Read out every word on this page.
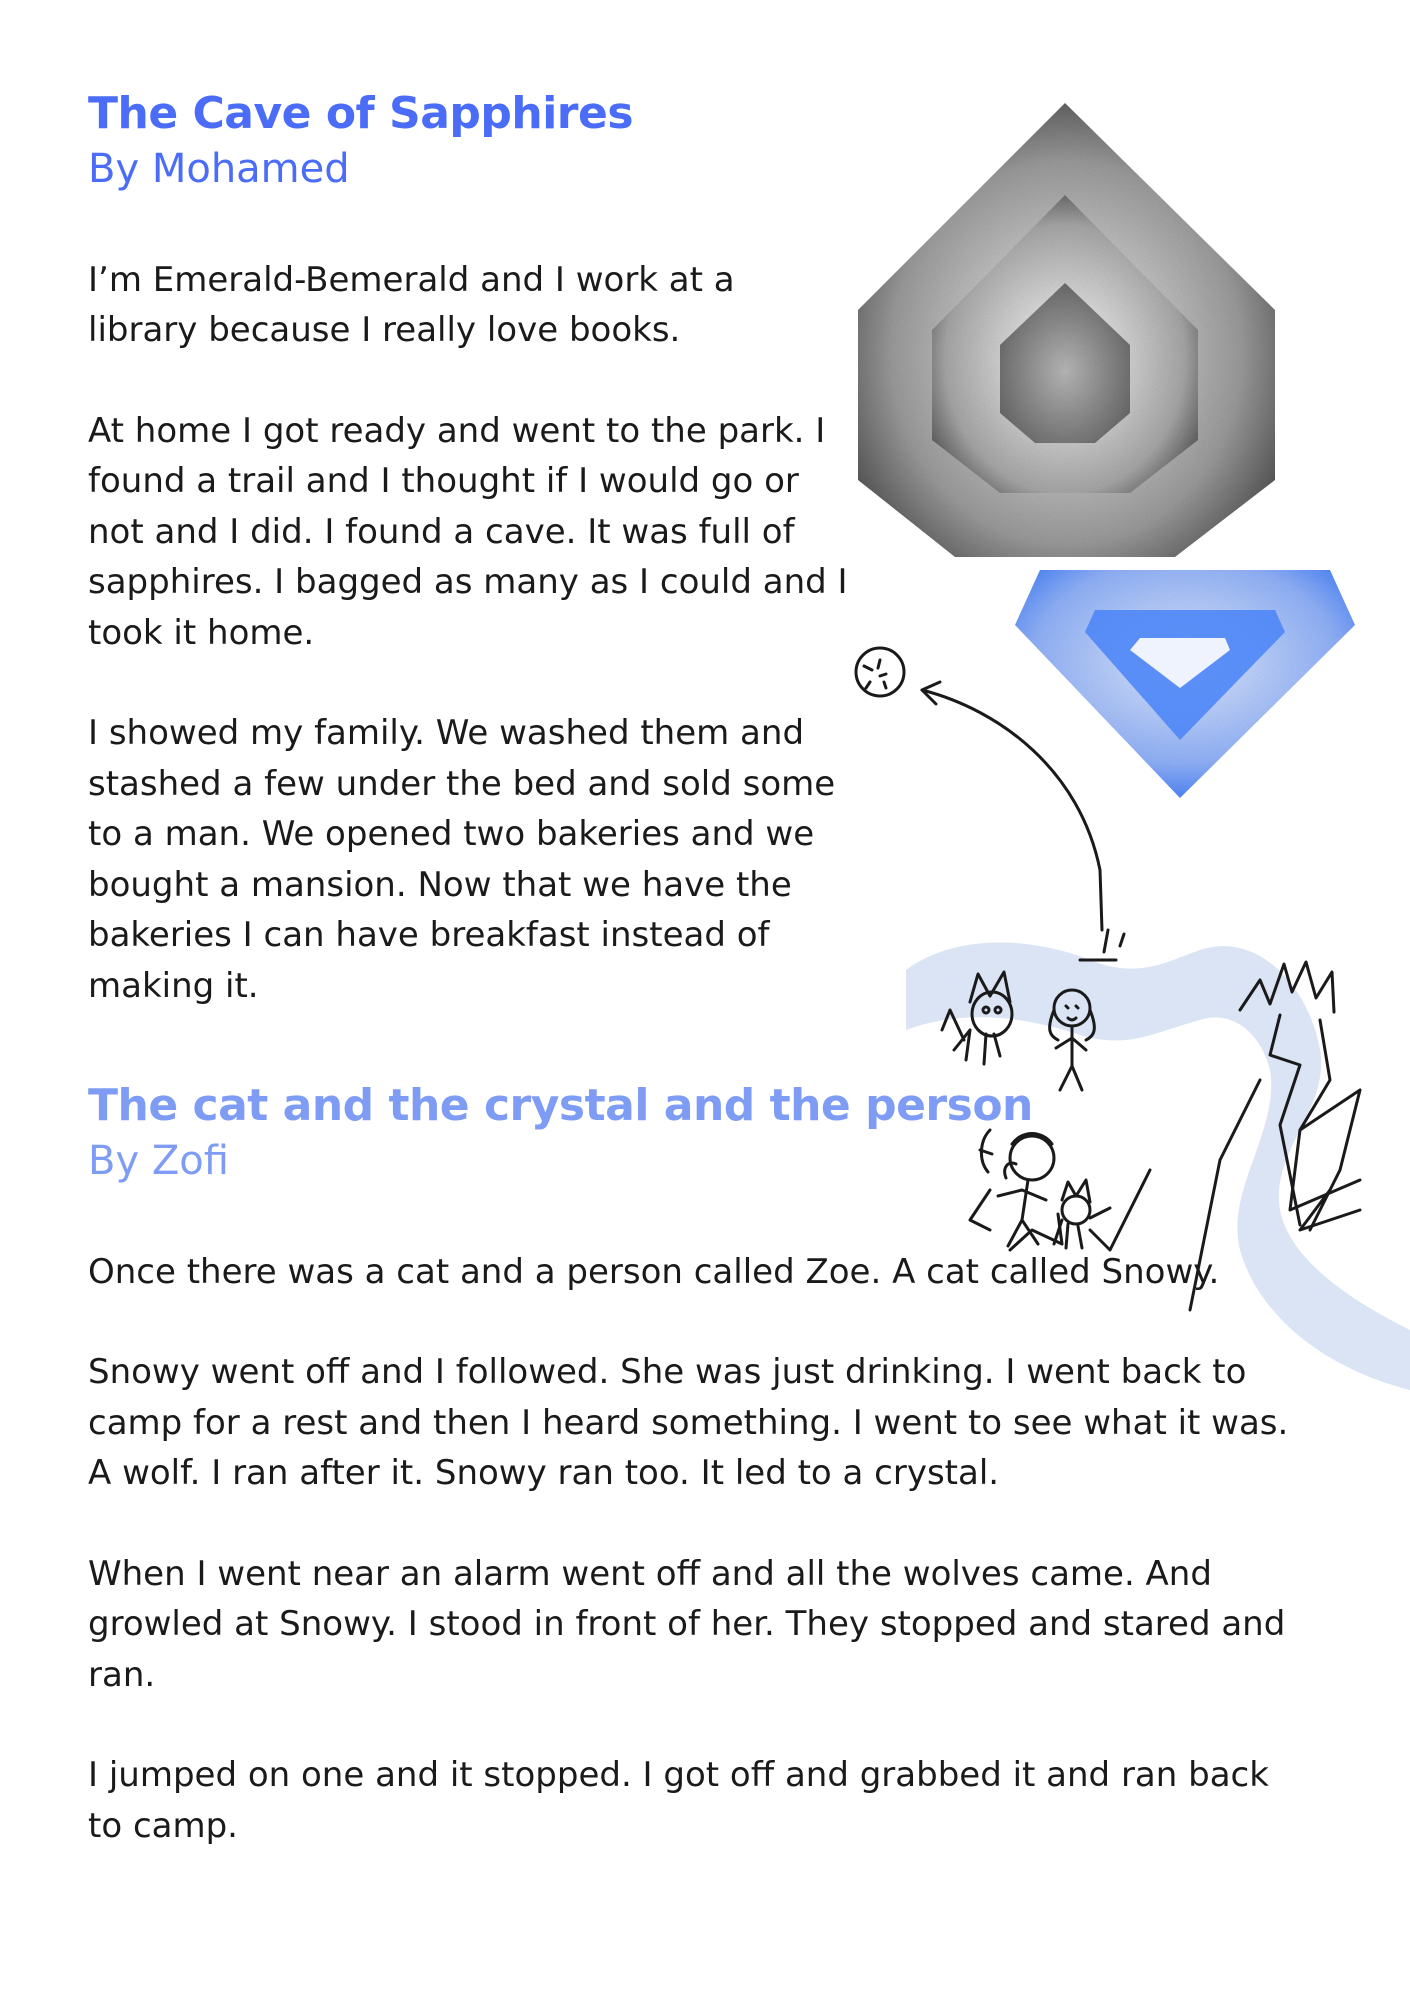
The Cave of Sapphires
By Mohamed

I’m Emerald-Bemerald and I work at a library because I really love books.

At home I got ready and went to the park. I found a trail and I thought if I would go or not and I did. I found a cave. It was full of sapphires. I bagged as many as I could and I took it home.

I showed my family. We washed them and stashed a few under the bed and sold some to a man. We opened two bakeries and we bought a mansion. Now that we have the bakeries I can have breakfast instead of making it.

The cat and the crystal and the person
By Zofi

Once there was a cat and a person called Zoe. A cat called Snowy.

Snowy went off and I followed. She was just drinking. I went back to camp for a rest and then I heard something. I went to see what it was. A wolf. I ran after it. Snowy ran too. It led to a crystal.

When I went near an alarm went off and all the wolves came. And growled at Snowy. I stood in front of her. They stopped and stared and ran.

I jumped on one and it stopped. I got off and grabbed it and ran back to camp.
